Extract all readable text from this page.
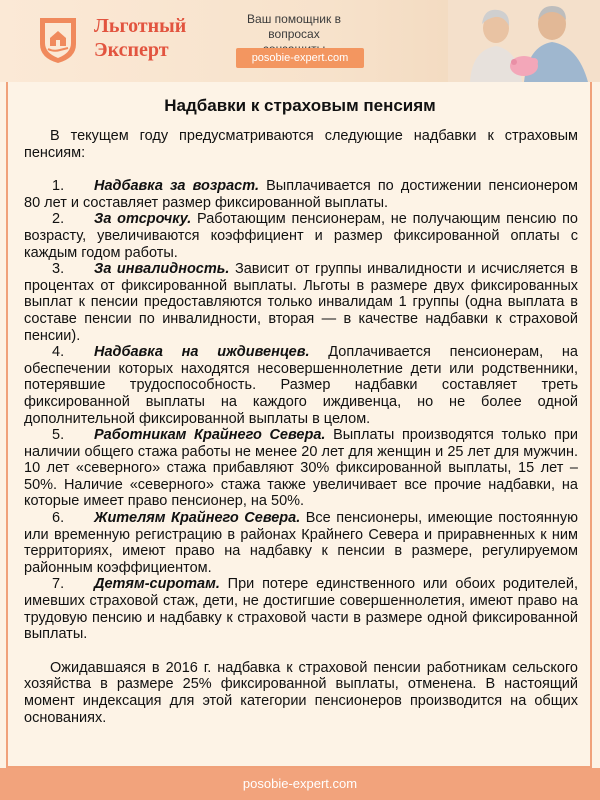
Льготный
Эксперт
Ваш помощник в вопросах
posobie-expert.com
Надбавки к страховым пенсиям

В текущем году предусматриваются следующие надбавки к страховым пенсиям:

1. Надбавка за возраст. Выплачивается по достижении пенсионером 80 лет и составляет размер фиксированной выплаты.

2. За отсрочку. Работающим пенсионерам, не получающим пенсию по возрасту, увеличиваются коэффициент и размер фиксированной оплаты с каждым годом работы.

3. За инвалидность. Зависит от группы инвалидности и исчисляется в процентах от фиксированной выплаты. Льготы в размере двух фиксированных выплат к пенсии предоставляются только инвалидам 1 группы (одна выплата в составе пенсии по инвалидности, вторая — в качестве надбавки к страховой пенсии).

4. Надбавка на иждивенцев. Доплачивается пенсионерам, на обеспечении которых находятся несовершеннолетние дети или родственники, потерявшие трудоспособность. Размер надбавки составляет треть фиксированной выплаты на каждого иждивенца, но не более одной дополнительной фиксированной выплаты в целом.

5. Работникам Крайнего Севера. Выплаты производятся только при наличии общего стажа работы не менее 20 лет для женщин и 25 лет для мужчин. 10 лет «северного» стажа прибавляют 30% фиксированной выплаты, 15 лет – 50%. Наличие «северного» стажа также увеличивает все прочие надбавки, на которые имеет право пенсионер, на 50%.

6. Жителям Крайнего Севера. Все пенсионеры, имеющие постоянную или временную регистрацию в районах Крайнего Севера и приравненных к ним территориях, имеют право на надбавку к пенсии в размере, регулируемом районным коэффициентом.

7. Детям-сиротам. При потере единственного или обоих родителей, имевших страховой стаж, дети, не достигшие совершеннолетия, имеют право на трудовую пенсию и надбавку к страховой части в размере одной фиксированной выплаты.

Ожидавшаяся в 2016 г. надбавка к страховой пенсии работникам сельского хозяйства в размере 25% фиксированной выплаты, отменена. В настоящий момент индексация для этой категории пенсионеров производится на общих основаниях.

posobie-expert.com
